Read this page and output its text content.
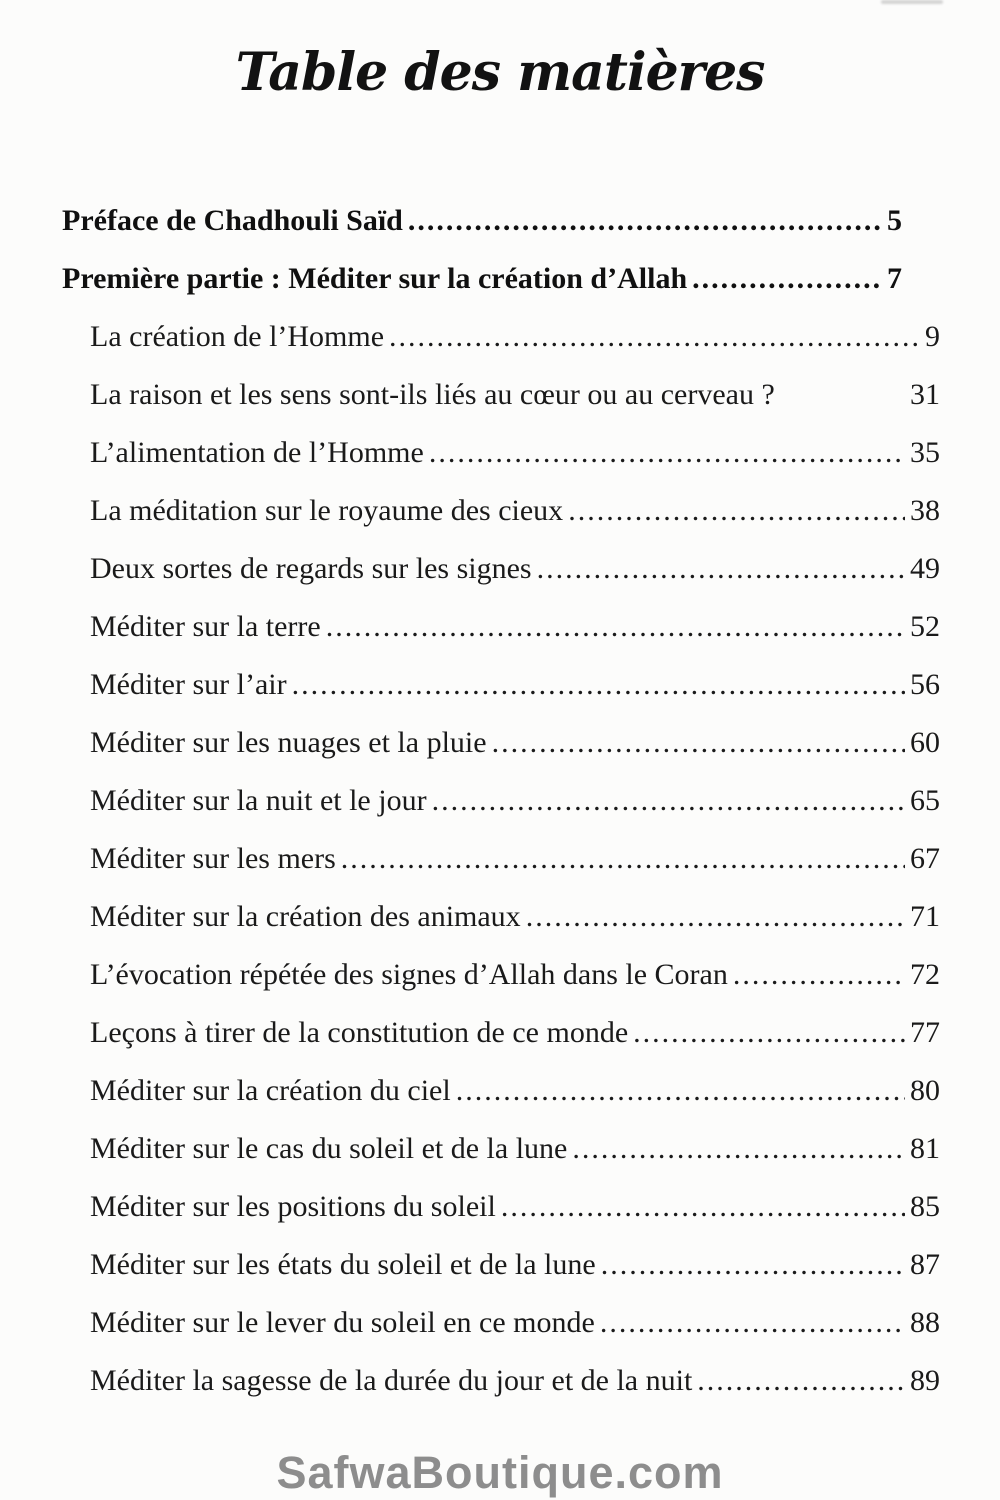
Table des matières
Préface de Chadhouli Saïd .....	5
Première partie : Méditer sur la création d’Allah .....	7
La création de l’Homme .....	9
La raison et les sens sont-ils liés au cœur ou au cerveau ?	31
L’alimentation de l’Homme .....	35
La méditation sur le royaume des cieux .....	38
Deux sortes de regards sur les signes .....	49
Méditer sur la terre .....	52
Méditer sur l’air .....	56
Méditer sur les nuages et la pluie .....	60
Méditer sur la nuit et le jour .....	65
Méditer sur les mers .....	67
Méditer sur la création des animaux .....	71
L’évocation répétée des signes d’Allah dans le Coran .....	72
Leçons à tirer de la constitution de ce monde .....	77
Méditer sur la création du ciel .....	80
Méditer sur le cas du soleil et de la lune .....	81
Méditer sur les positions du soleil .....	85
Méditer sur les états du soleil et de la lune .....	87
Méditer sur le lever du soleil en ce monde .....	88
Méditer la sagesse de la durée du jour et de la nuit .....	89
SafwaBoutique.com
